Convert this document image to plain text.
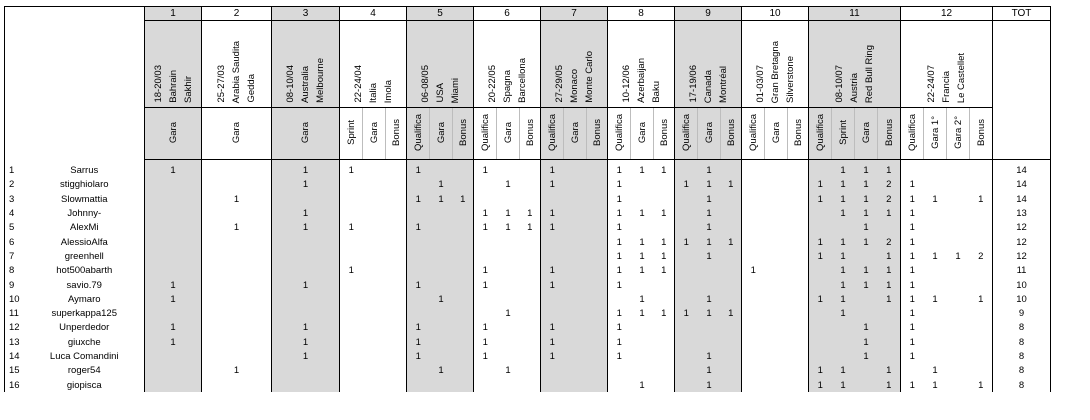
		1	2	3	4			5			6			7			8			9			10			11				12				TOT

		18-20/03 Bahrain Sakhir	25-27/03 Arabia Saudita Gedda	08-10/04 Australia Melbourne	22-24/04 Italia Imola			06-08/05 USA Miami			20-22/05 Spagna Barcellona			27-29/05 Monaco Monte Carlo			10-12/06 Azerbaijan Baku			17-19/06 Canada Montréal			01-03/07 Gran Bretagna Silverstone			08-10/07 Austria Red Bull Ring				22-24/07 Francia Le Castellet				

		Gara	Gara	Gara	Sprint	Gara	Bonus	Qualifica	Gara	Bonus	Qualifica	Gara	Bonus	Qualifica	Gara	Bonus	Qualifica	Gara	Bonus	Qualifica	Gara	Bonus	Qualifica	Gara	Bonus	Qualifica	Sprint	Gara	Bonus	Qualifica	Gara 1°	Gara 2°	Bonus	

1	Sarrus	1		1	1			1			1			1			1	1	1		1						1	1	1					14
2	stigghiolaro			1					1			1		1			1			1	1	1				1	1	1	2	1				14
3	Slowmattia		1					1	1	1							1				1					1	1	1	2	1	1		1	14
4	Johnny-			1							1	1	1	1			1	1	1		1						1	1	1	1				13
5	AlexMi		1	1	1			1			1	1	1	1			1				1							1		1				12
6	AlessioAlfa																1	1	1	1	1	1				1	1	1	2	1				12
7	greenhell																1	1	1		1					1	1		1	1	1	1	2	12
8	hot500abarth				1						1			1			1	1	1				1				1	1	1	1				11
9	savio.79	1		1				1			1			1			1										1	1	1	1				10
10	Aymaro	1							1									1			1					1	1		1	1	1		1	10
11	superkappa125											1					1	1	1	1	1	1					1			1				9
12	Unperdedor	1		1				1			1			1			1											1		1				8
13	giuxche	1		1				1			1			1			1											1		1				8
14	Luca Comandini			1				1			1			1			1				1							1		1				8
15	roger54		1						1			1									1					1	1		1		1			8
16	giopisca																	1			1					1	1		1	1	1		1	8
